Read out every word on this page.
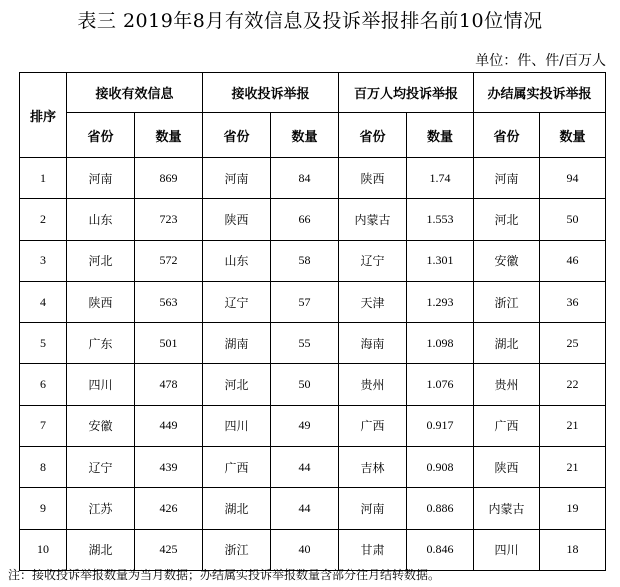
表三 2019年8月有效信息及投诉举报排名前10位情况
单位：件、件/百万人
排序	接收有效信息		接收投诉举报		百万人均投诉举报		办结属实投诉举报	
	省份	数量	省份	数量	省份	数量	省份	数量
1	河南	869	河南	84	陕西	1.74	河南	94
2	山东	723	陕西	66	内蒙古	1.553	河北	50
3	河北	572	山东	58	辽宁	1.301	安徽	46
4	陕西	563	辽宁	57	天津	1.293	浙江	36
5	广东	501	湖南	55	海南	1.098	湖北	25
6	四川	478	河北	50	贵州	1.076	贵州	22
7	安徽	449	四川	49	广西	0.917	广西	21
8	辽宁	439	广西	44	吉林	0.908	陕西	21
9	江苏	426	湖北	44	河南	0.886	内蒙古	19
10	湖北	425	浙江	40	甘肃	0.846	四川	18
注：接收投诉举报数量为当月数据；办结属实投诉举报数量含部分往月结转数据。
